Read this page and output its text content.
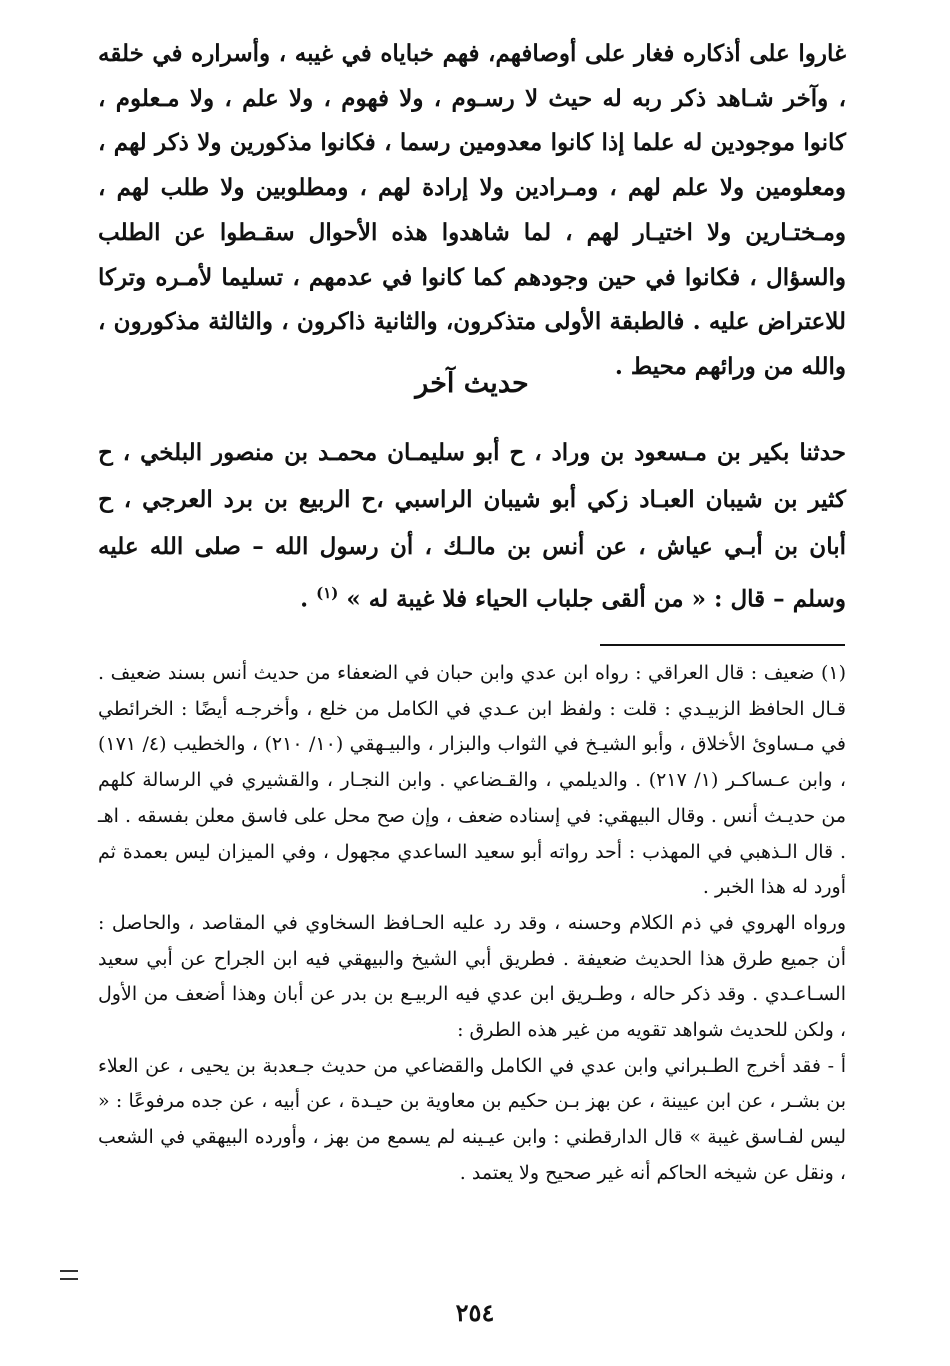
غاروا على أذكاره فغار على أوصافهم، فهم خباياه في غيبه ، وأسراره في خلقه ، وآخر شـاهد ذكر ربه له حيث لا رسـوم ، ولا فهوم ، ولا علم ، ولا مـعلوم ، كانوا موجودين له علما إذا كانوا معدومين رسما ، فكانوا مذكورين ولا ذكر لهم ، ومعلومين ولا علم لهم ، ومـرادين ولا إرادة لهم ، ومطلوبين ولا طلب لهم ، ومـختـارين ولا اختيـار لهم ، لما شاهدوا هذه الأحوال سقـطوا عن الطلب والسؤال ، فكانوا في حين وجودهم كما كانوا في عدمهم ، تسليما لأمـره وتركا للاعتراض عليه . فالطبقة الأولى متذكرون، والثانية ذاكرون ، والثالثة مذكورون ، والله من ورائهم محيط .

حديث آخر

حدثنا بكير بن مـسعود بن وراد ، ح أبو سليمـان محمـد بن منصور البلخي ، ح كثير بن شيبان العبـاد زكي أبو شيبان الراسبي ،ح الربيع بن برد العرجي ، ح أبان بن أبـي عياش ، عن أنس بن مالـك ، أن رسول الله – صلى الله عليه وسلم – قال : « من ألقى جلباب الحياء فلا غيبة له » $^{(١)}$ .

(١) ضعيف : قال العراقي : رواه ابن عدي وابن حبان في الضعفاء من حديث أنس بسند ضعيف . قـال الحافظ الزبيـدي : قلت : ولفظ ابن عـدي في الكامل من خلع ، وأخرجـه أيضًا : الخرائطي في مـساوئ الأخلاق ، وأبو الشيـخ في الثواب والبزار ، والبيـهقي (١٠/ ٢١٠) ، والخطيب (٤/ ١٧١) ، وابن عـساكـر (١/ ٢١٧) . والديلمي ، والقـضاعي . وابن النجـار ، والقشيري في الرسالة كلهم من حديـث أنس . وقال البيهقي: في إسناده ضعف ، وإن صح محل على فاسق معلن بفسقه . اهـ . قال الـذهبي في المهذب : أحد رواته أبو سعيد الساعدي مجهول ، وفي الميزان ليس بعمدة ثم أورد له هذا الخبر .

ورواه الهروي في ذم الكلام وحسنه ، وقد رد عليه الحـافظ السخاوي في المقاصد ، والحاصل : أن جميع طرق هذا الحديث ضعيفة . فطريق أبي الشيخ والبيهقي فيه ابن الجراح عن أبي سعيد السـاعـدي . وقد ذكر حاله ، وطـريق ابن عدي فيه الربيـع بن بدر عن أبان وهذا أضعف من الأول ، ولكن للحديث شواهد تقويه من غير هذه الطرق :

أ - فقد أخرج الطـبراني وابن عدي في الكامل والقضاعي من حديث جـعدبة بن يحيى ، عن العلاء بن بشـر ، عن ابن عيينة ، عن بهز بـن حكيم بن معاوية بن حيـدة ، عن أبيه ، عن جده مرفوعًا : « ليس لفـاسق غيبة » قال الدارقطني : وابن عيـينه لم يسمع من بهز ، وأورده البيهقي في الشعب ، ونقل عن شيخه الحاكم أنه غير صحيح ولا يعتمد .

٢٥٤
